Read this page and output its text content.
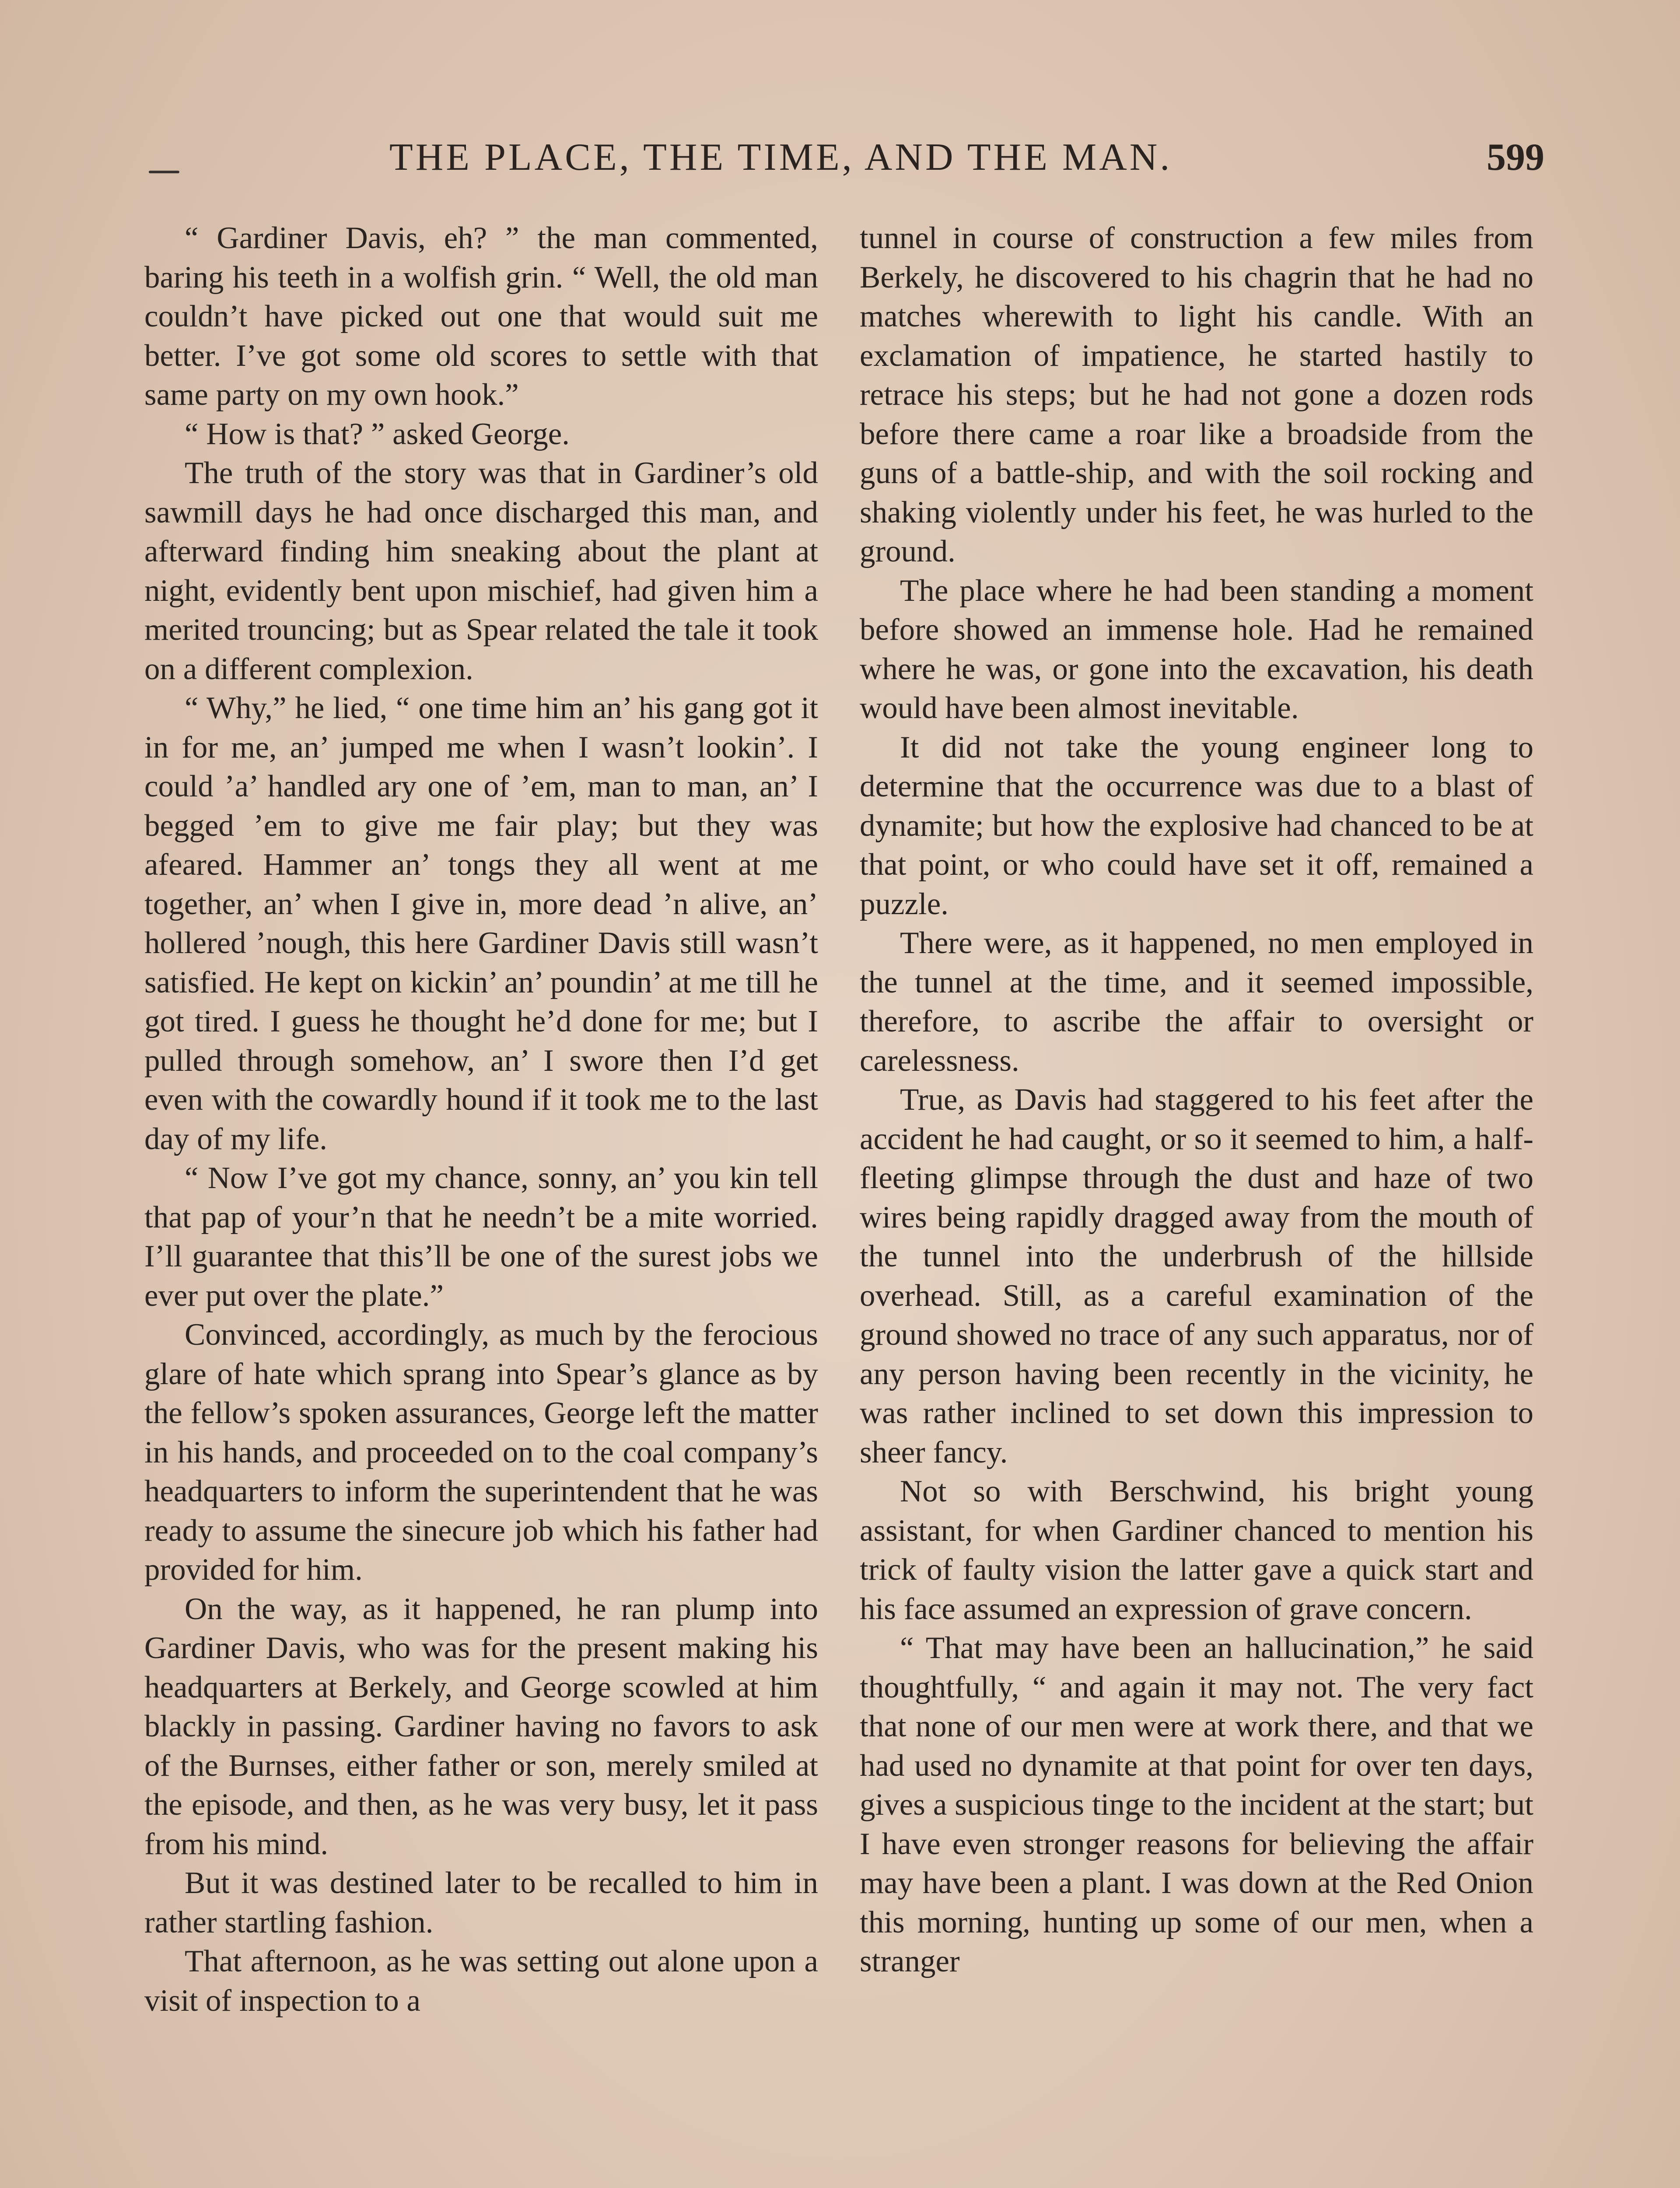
THE PLACE, THE TIME, AND THE MAN.	599

“ Gardiner Davis, eh? ” the man commented, baring his teeth in a wolfish grin. “ Well, the old man couldn’t have picked out one that would suit me better. I’ve got some old scores to settle with that same party on my own hook.”

“ How is that? ” asked George.

The truth of the story was that in Gardiner’s old sawmill days he had once discharged this man, and afterward finding him sneaking about the plant at night, evidently bent upon mischief, had given him a merited trouncing; but as Spear related the tale it took on a different complexion.

“ Why,” he lied, “ one time him an’ his gang got it in for me, an’ jumped me when I wasn’t lookin’. I could ’a’ handled ary one of ’em, man to man, an’ I begged ’em to give me fair play; but they was afeared. Hammer an’ tongs they all went at me together, an’ when I give in, more dead ’n alive, an’ hollered ’nough, this here Gardiner Davis still wasn’t satisfied. He kept on kickin’ an’ poundin’ at me till he got tired. I guess he thought he’d done for me; but I pulled through somehow, an’ I swore then I’d get even with the cowardly hound if it took me to the last day of my life.

“ Now I’ve got my chance, sonny, an’ you kin tell that pap of your’n that he needn’t be a mite worried. I’ll guarantee that this’ll be one of the surest jobs we ever put over the plate.”

Convinced, accordingly, as much by the ferocious glare of hate which sprang into Spear’s glance as by the fellow’s spoken assurances, George left the matter in his hands, and proceeded on to the coal company’s headquarters to inform the superintendent that he was ready to assume the sinecure job which his father had provided for him.

On the way, as it happened, he ran plump into Gardiner Davis, who was for the present making his headquarters at Berkely, and George scowled at him blackly in passing. Gardiner having no favors to ask of the Burnses, either father or son, merely smiled at the episode, and then, as he was very busy, let it pass from his mind.

But it was destined later to be recalled to him in rather startling fashion.

That afternoon, as he was setting out alone upon a visit of inspection to a

tunnel in course of construction a few miles from Berkely, he discovered to his chagrin that he had no matches wherewith to light his candle. With an exclamation of impatience, he started hastily to retrace his steps; but he had not gone a dozen rods before there came a roar like a broadside from the guns of a battle-ship, and with the soil rocking and shaking violently under his feet, he was hurled to the ground.

The place where he had been standing a moment before showed an immense hole. Had he remained where he was, or gone into the excavation, his death would have been almost inevitable.

It did not take the young engineer long to determine that the occurrence was due to a blast of dynamite; but how the explosive had chanced to be at that point, or who could have set it off, remained a puzzle.

There were, as it happened, no men employed in the tunnel at the time, and it seemed impossible, therefore, to ascribe the affair to oversight or carelessness.

True, as Davis had staggered to his feet after the accident he had caught, or so it seemed to him, a half-fleeting glimpse through the dust and haze of two wires being rapidly dragged away from the mouth of the tunnel into the underbrush of the hillside overhead. Still, as a careful examination of the ground showed no trace of any such apparatus, nor of any person having been recently in the vicinity, he was rather inclined to set down this impression to sheer fancy.

Not so with Berschwind, his bright young assistant, for when Gardiner chanced to mention his trick of faulty vision the latter gave a quick start and his face assumed an expression of grave concern.

“ That may have been an hallucination,” he said thoughtfully, “ and again it may not. The very fact that none of our men were at work there, and that we had used no dynamite at that point for over ten days, gives a suspicious tinge to the incident at the start; but I have even stronger reasons for believing the affair may have been a plant. I was down at the Red Onion this morning, hunting up some of our men, when a stranger
